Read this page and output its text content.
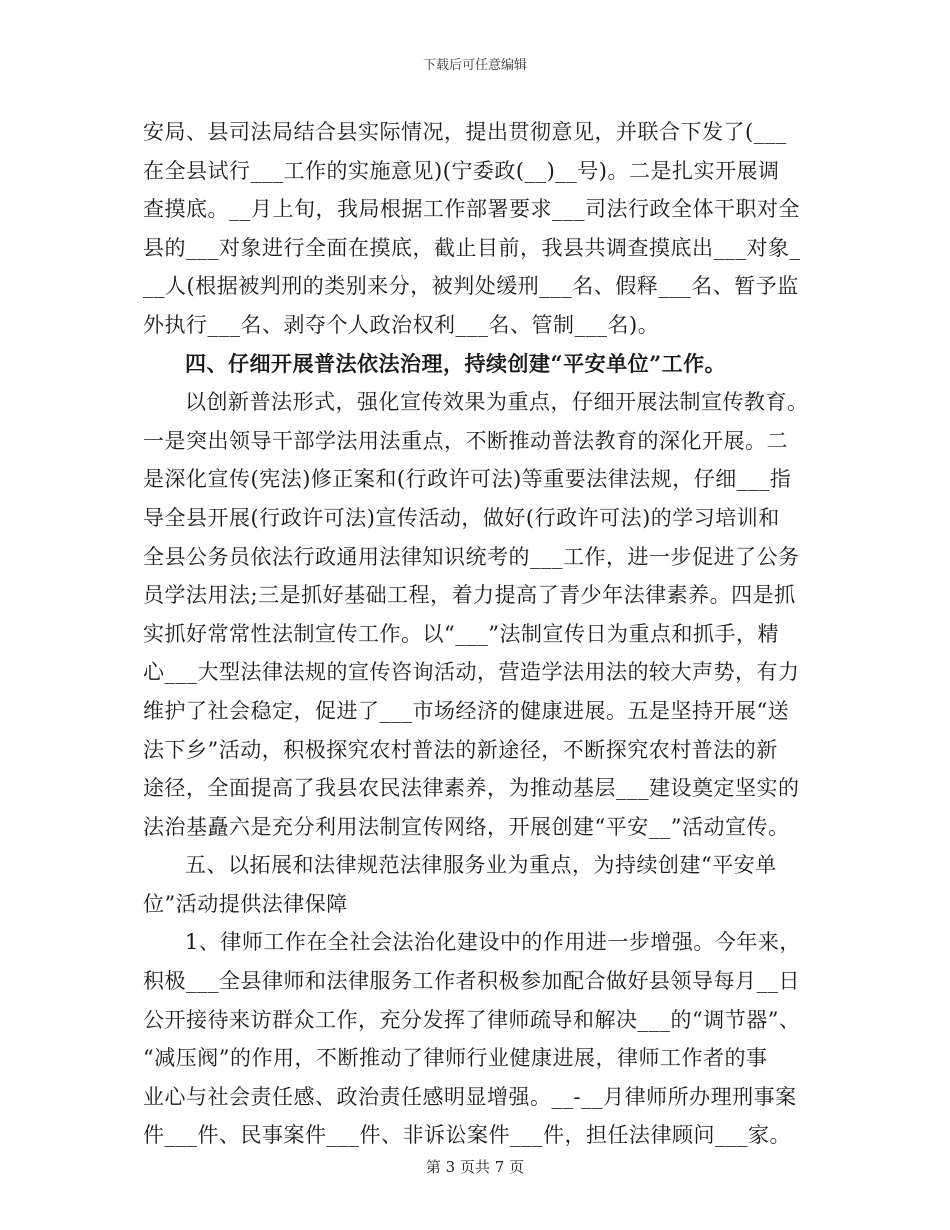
下载后可任意编辑
安局、县司法局结合县实际情况，提出贯彻意见，并联合下发了(___
在全县试行___工作的实施意见)(宁委政(__)__号)。二是扎实开展调
查摸底。__月上旬，我局根据工作部署要求___司法行政全体干职对全
县的___对象进行全面在摸底，截止目前，我县共调查摸底出___对象_
__人(根据被判刑的类别来分，被判处缓刑___名、假释___名、暂予监
外执行___名、剥夺个人政治权利___名、管制___名)。
四、仔细开展普法依法治理，持续创建“平安单位”工作。
以创新普法形式，强化宣传效果为重点，仔细开展法制宣传教育。
一是突出领导干部学法用法重点，不断推动普法教育的深化开展。二
是深化宣传(宪法)修正案和(行政许可法)等重要法律法规，仔细___指
导全县开展(行政许可法)宣传活动，做好(行政许可法)的学习培训和
全县公务员依法行政通用法律知识统考的___工作，进一步促进了公务
员学法用法;三是抓好基础工程，着力提高了青少年法律素养。四是抓
实抓好常常性法制宣传工作。以“___”法制宣传日为重点和抓手，精
心___大型法律法规的宣传咨询活动，营造学法用法的较大声势，有力
维护了社会稳定，促进了___市场经济的健康进展。五是坚持开展“送
法下乡”活动，积极探究农村普法的新途径，不断探究农村普法的新
途径，全面提高了我县农民法律素养，为推动基层___建设奠定坚实的
法治基矗六是充分利用法制宣传网络，开展创建“平安__”活动宣传。
五、以拓展和法律规范法律服务业为重点，为持续创建“平安单
位”活动提供法律保障
1、律师工作在全社会法治化建设中的作用进一步增强。今年来，
积极___全县律师和法律服务工作者积极参加配合做好县领导每月__日
公开接待来访群众工作，充分发挥了律师疏导和解决___的“调节器”、
“减压阀”的作用，不断推动了律师行业健康进展，律师工作者的事
业心与社会责任感、政治责任感明显增强。__-__月律师所办理刑事案
件___件、民事案件___件、非诉讼案件___件，担任法律顾问___家。
第 3 页共 7 页
